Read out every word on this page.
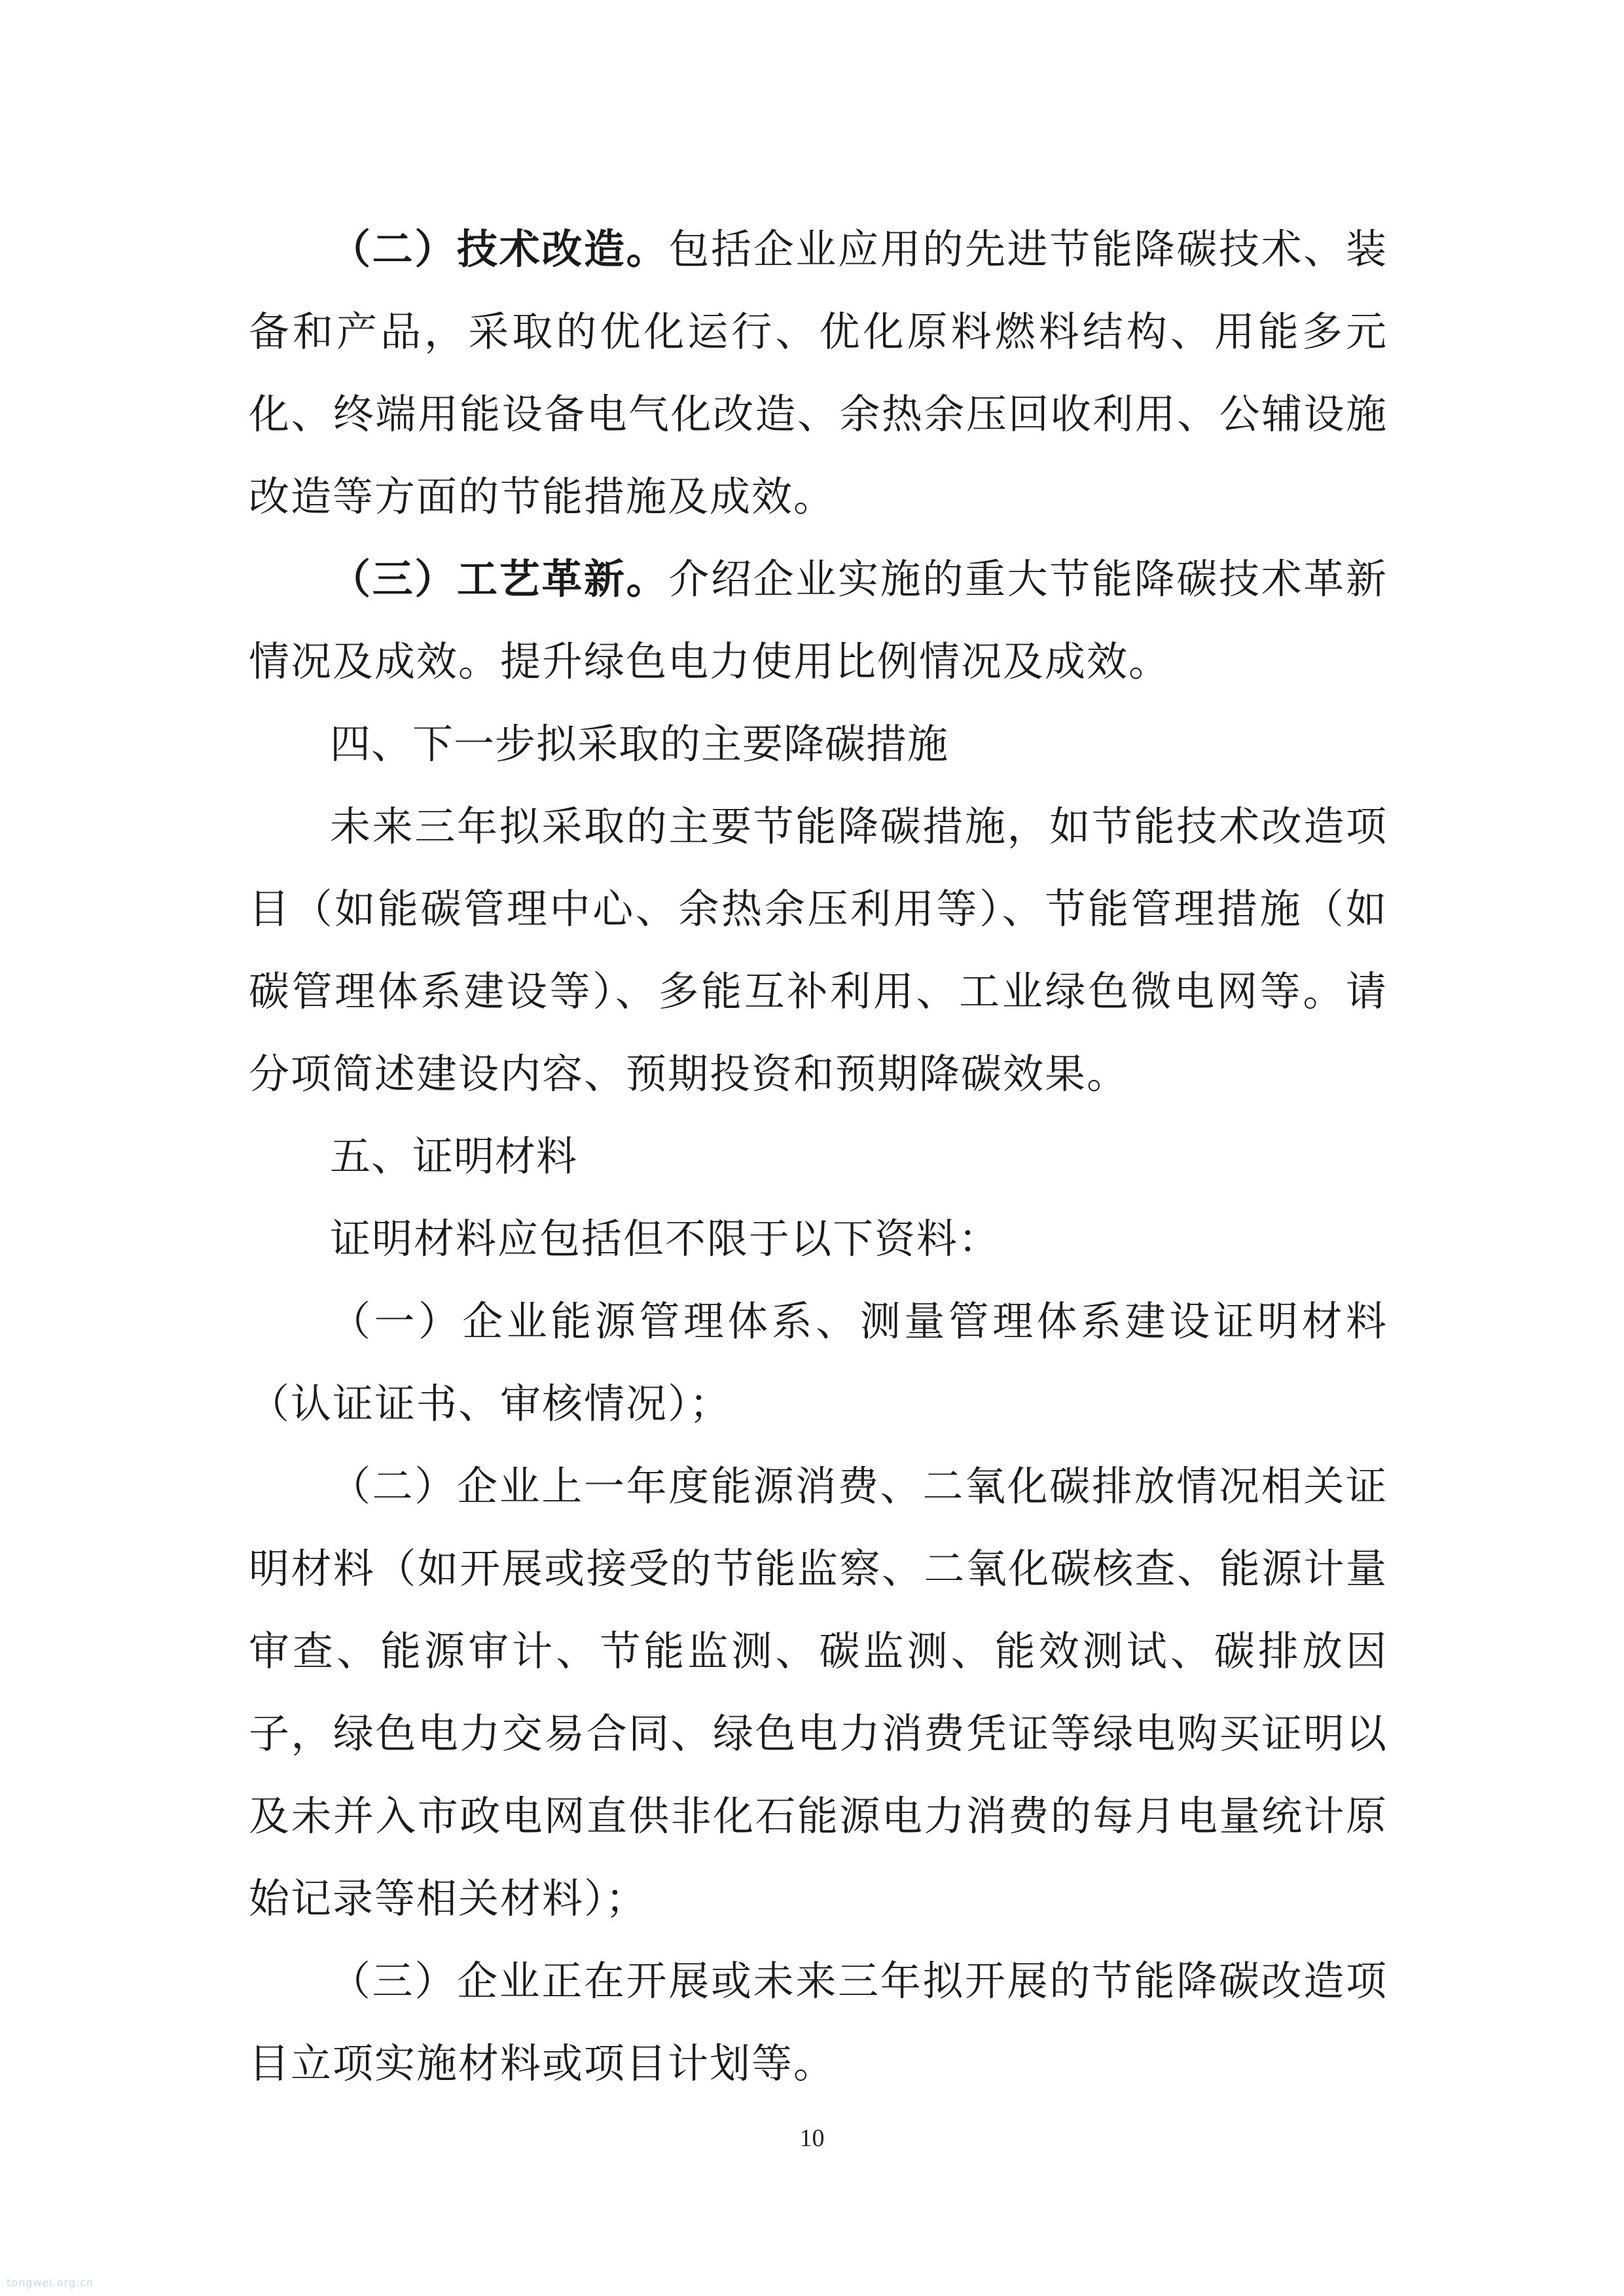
（二）技术改造。包括企业应用的先进节能降碳技术、装备和产品，采取的优化运行、优化原料燃料结构、用能多元化、终端用能设备电气化改造、余热余压回收利用、公辅设施改造等方面的节能措施及成效。

（三）工艺革新。介绍企业实施的重大节能降碳技术革新情况及成效。提升绿色电力使用比例情况及成效。

四、下一步拟采取的主要降碳措施

未来三年拟采取的主要节能降碳措施，如节能技术改造项目（如能碳管理中心、余热余压利用等）、节能管理措施（如碳管理体系建设等）、多能互补利用、工业绿色微电网等。请分项简述建设内容、预期投资和预期降碳效果。

五、证明材料

证明材料应包括但不限于以下资料：

（一）企业能源管理体系、测量管理体系建设证明材料（认证证书、审核情况）；

（二）企业上一年度能源消费、二氧化碳排放情况相关证明材料（如开展或接受的节能监察、二氧化碳核查、能源计量审查、能源审计、节能监测、碳监测、能效测试、碳排放因子，绿色电力交易合同、绿色电力消费凭证等绿电购买证明以及未并入市政电网直供非化石能源电力消费的每月电量统计原始记录等相关材料）；

（三）企业正在开展或未来三年拟开展的节能降碳改造项目立项实施材料或项目计划等。

10
tongwei.org.cn
